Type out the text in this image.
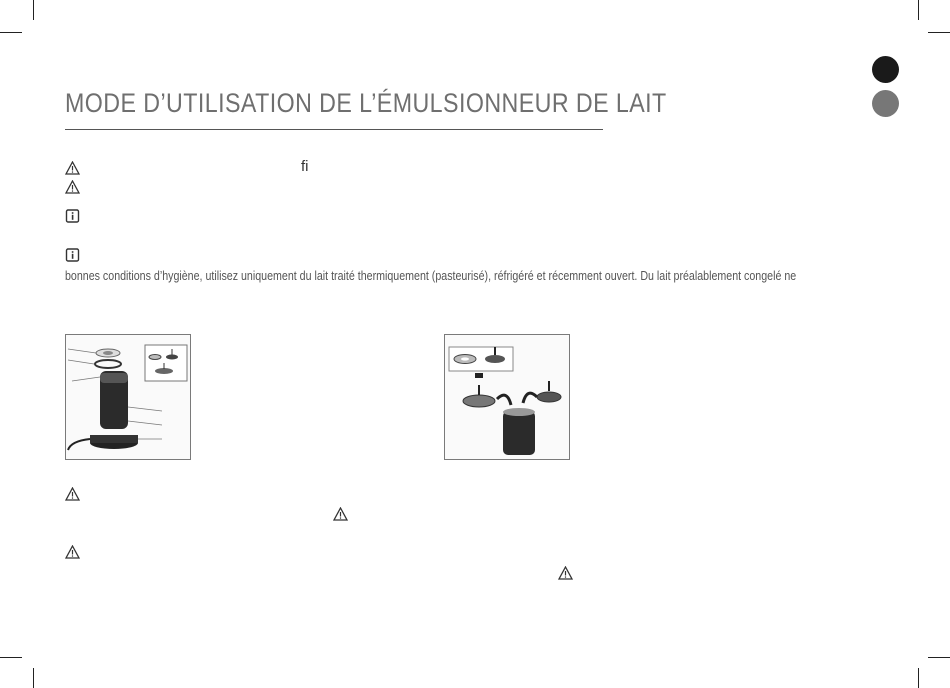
MODE D’UTILISATION DE L’ÉMULSIONNEUR DE LAIT
fi
bonnes conditions d’hygiène, utilisez uniquement du lait traité thermiquement (pasteurisé), réfrigéré et récemment ouvert. Du lait préalablement congelé ne
